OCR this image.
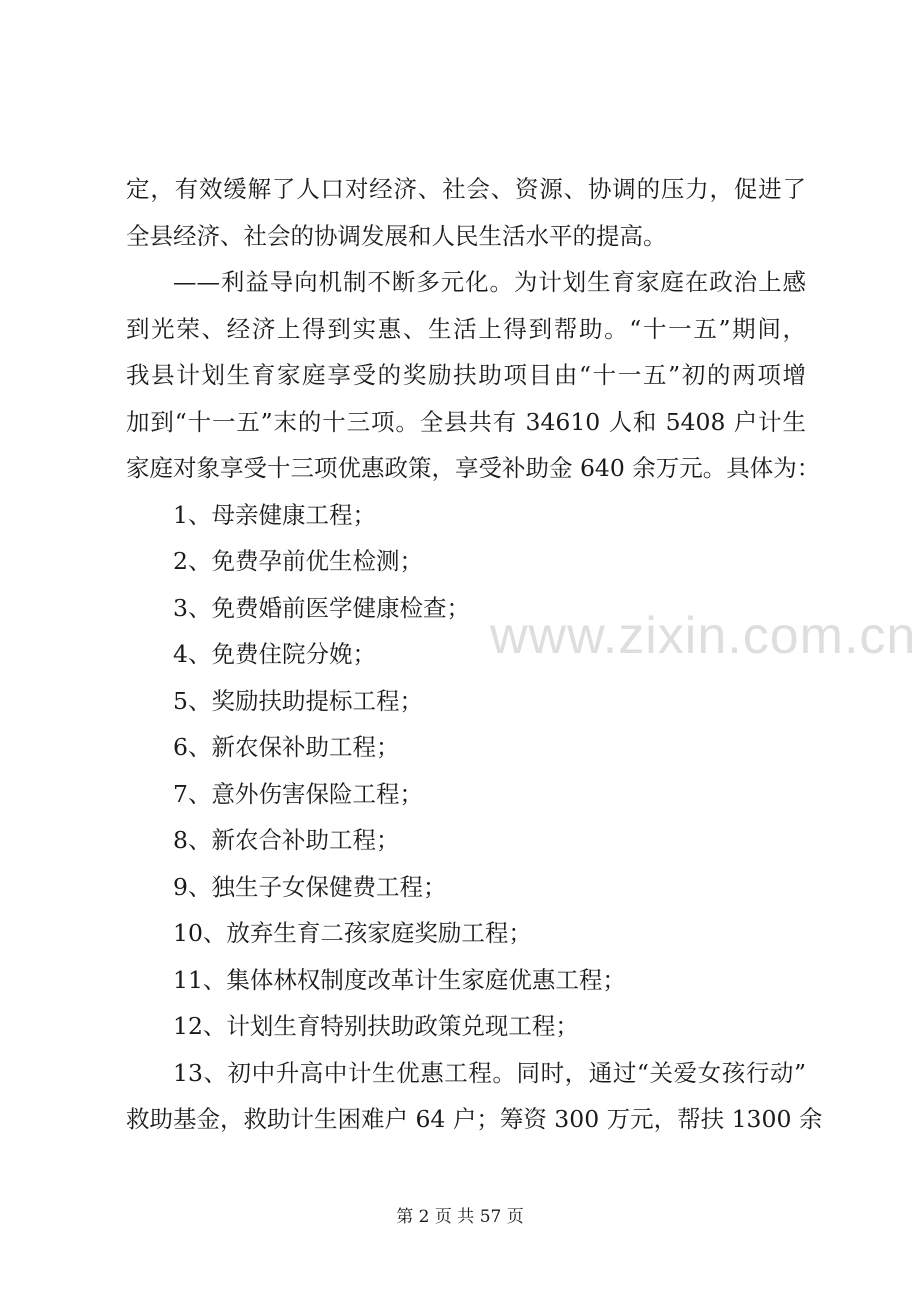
定，有效缓解了人口对经济、社会、资源、协调的压力，促进了
全县经济、社会的协调发展和人民生活水平的提高。
——利益导向机制不断多元化。为计划生育家庭在政治上感
到光荣、经济上得到实惠、生活上得到帮助。“十一五”期间，
我县计划生育家庭享受的奖励扶助项目由“十一五”初的两项增
加到“十一五”末的十三项。全县共有 34610 人和 5408 户计生
家庭对象享受十三项优惠政策，享受补助金 640 余万元。具体为：
1、母亲健康工程；
2、免费孕前优生检测；
3、免费婚前医学健康检查；
4、免费住院分娩；
5、奖励扶助提标工程；
6、新农保补助工程；
7、意外伤害保险工程；
8、新农合补助工程；
9、独生子女保健费工程；
10、放弃生育二孩家庭奖励工程；
11、集体林权制度改革计生家庭优惠工程；
12、计划生育特别扶助政策兑现工程；
13、初中升高中计生优惠工程。同时，通过“关爱女孩行动”
救助基金，救助计生困难户 64 户；筹资 300 万元，帮扶 1300 余
www.zixin.com.cn
第 2 页 共 57 页
